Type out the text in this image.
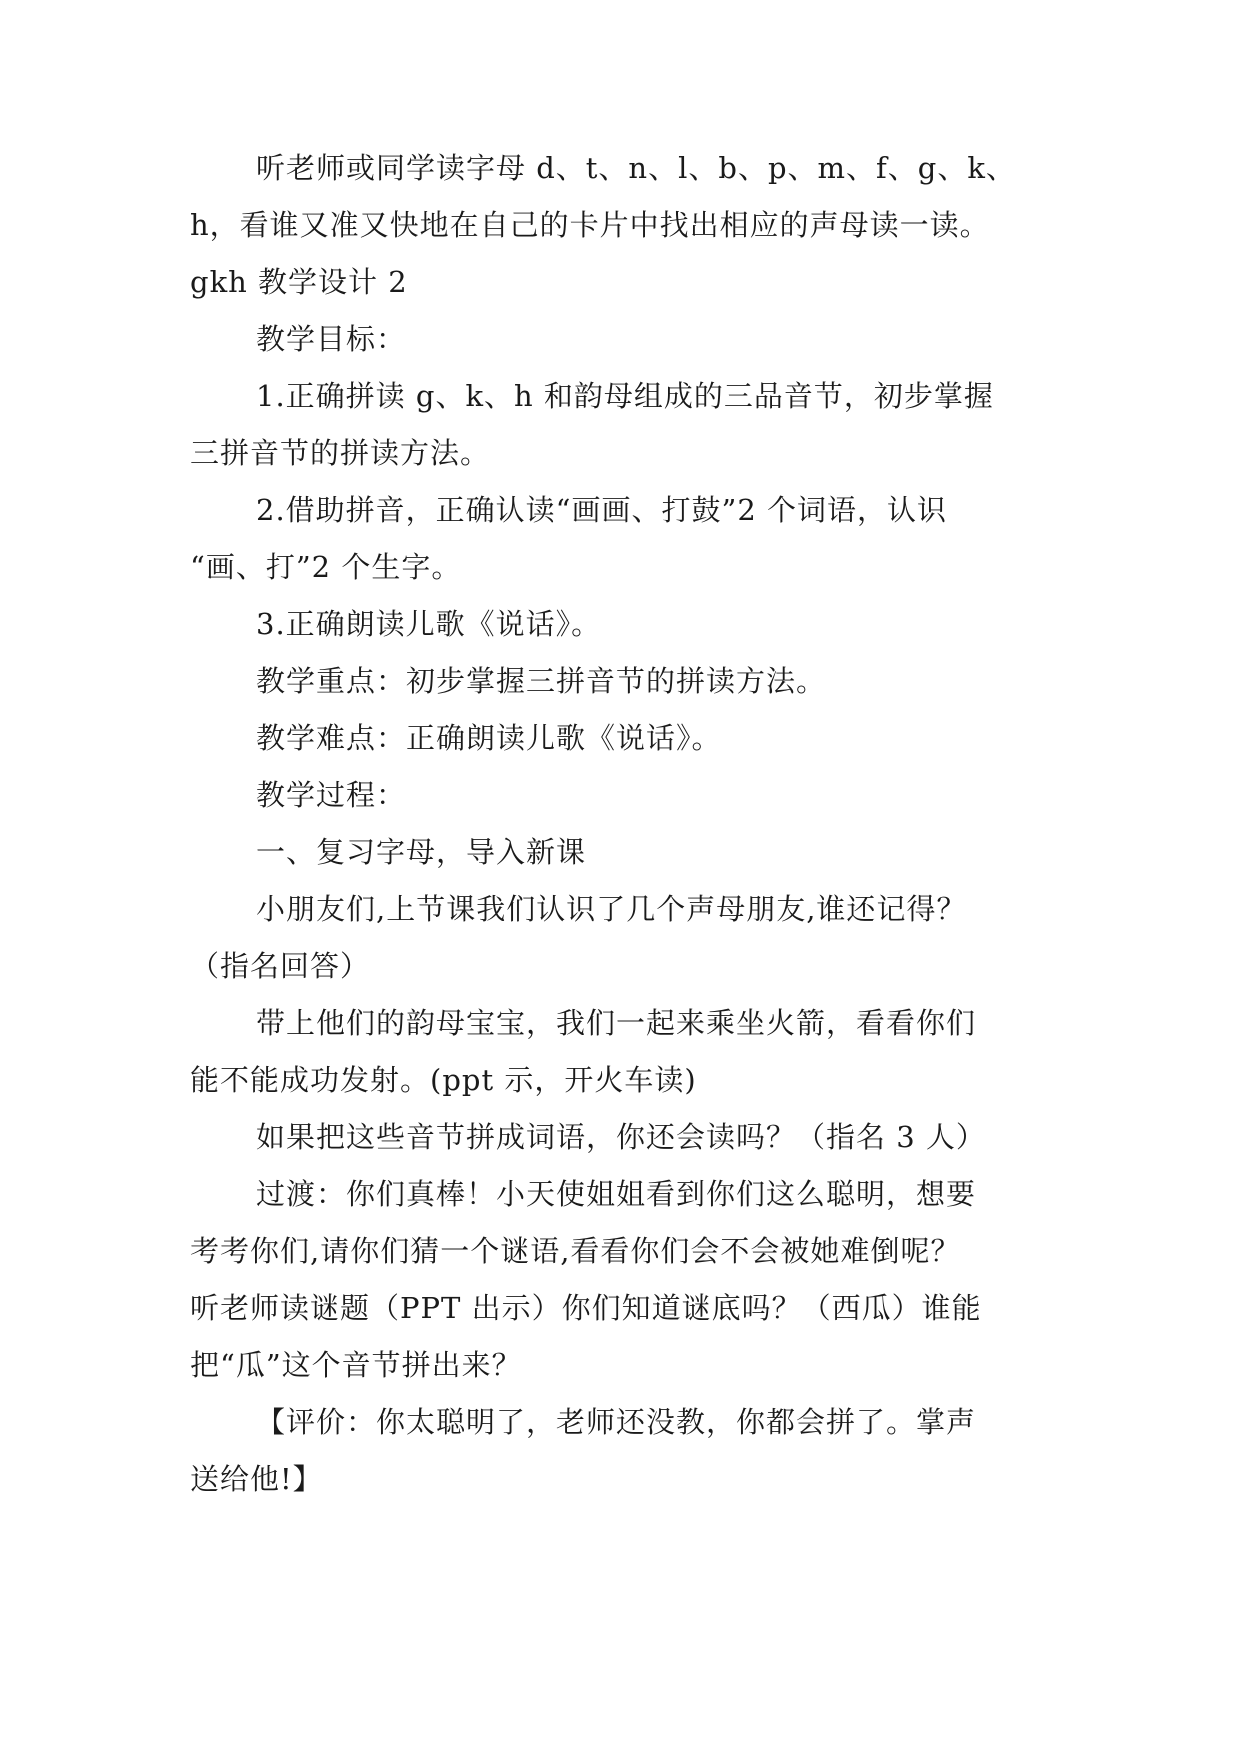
听老师或同学读字母 d、t、n、l、b、p、m、f、g、k、
h，看谁又准又快地在自己的卡片中找出相应的声母读一读。
gkh 教学设计 2
教学目标：
1.正确拼读 g、k、h 和韵母组成的三品音节，初步掌握
三拼音节的拼读方法。
2.借助拼音，正确认读“画画、打鼓”2 个词语，认识
“画、打”2 个生字。
3.正确朗读儿歌《说话》。
教学重点：初步掌握三拼音节的拼读方法。
教学难点：正确朗读儿歌《说话》。
教学过程：
一、复习字母，导入新课
小朋友们,上节课我们认识了几个声母朋友,谁还记得？
（指名回答）
带上他们的韵母宝宝，我们一起来乘坐火箭，看看你们
能不能成功发射。(ppt 示，开火车读)
如果把这些音节拼成词语，你还会读吗？（指名 3 人）
过渡：你们真棒！小天使姐姐看到你们这么聪明，想要
考考你们,请你们猜一个谜语,看看你们会不会被她难倒呢？
听老师读谜题（PPT 出示）你们知道谜底吗？（西瓜）谁能
把“瓜”这个音节拼出来？
【评价：你太聪明了，老师还没教，你都会拼了。掌声
送给他!】
